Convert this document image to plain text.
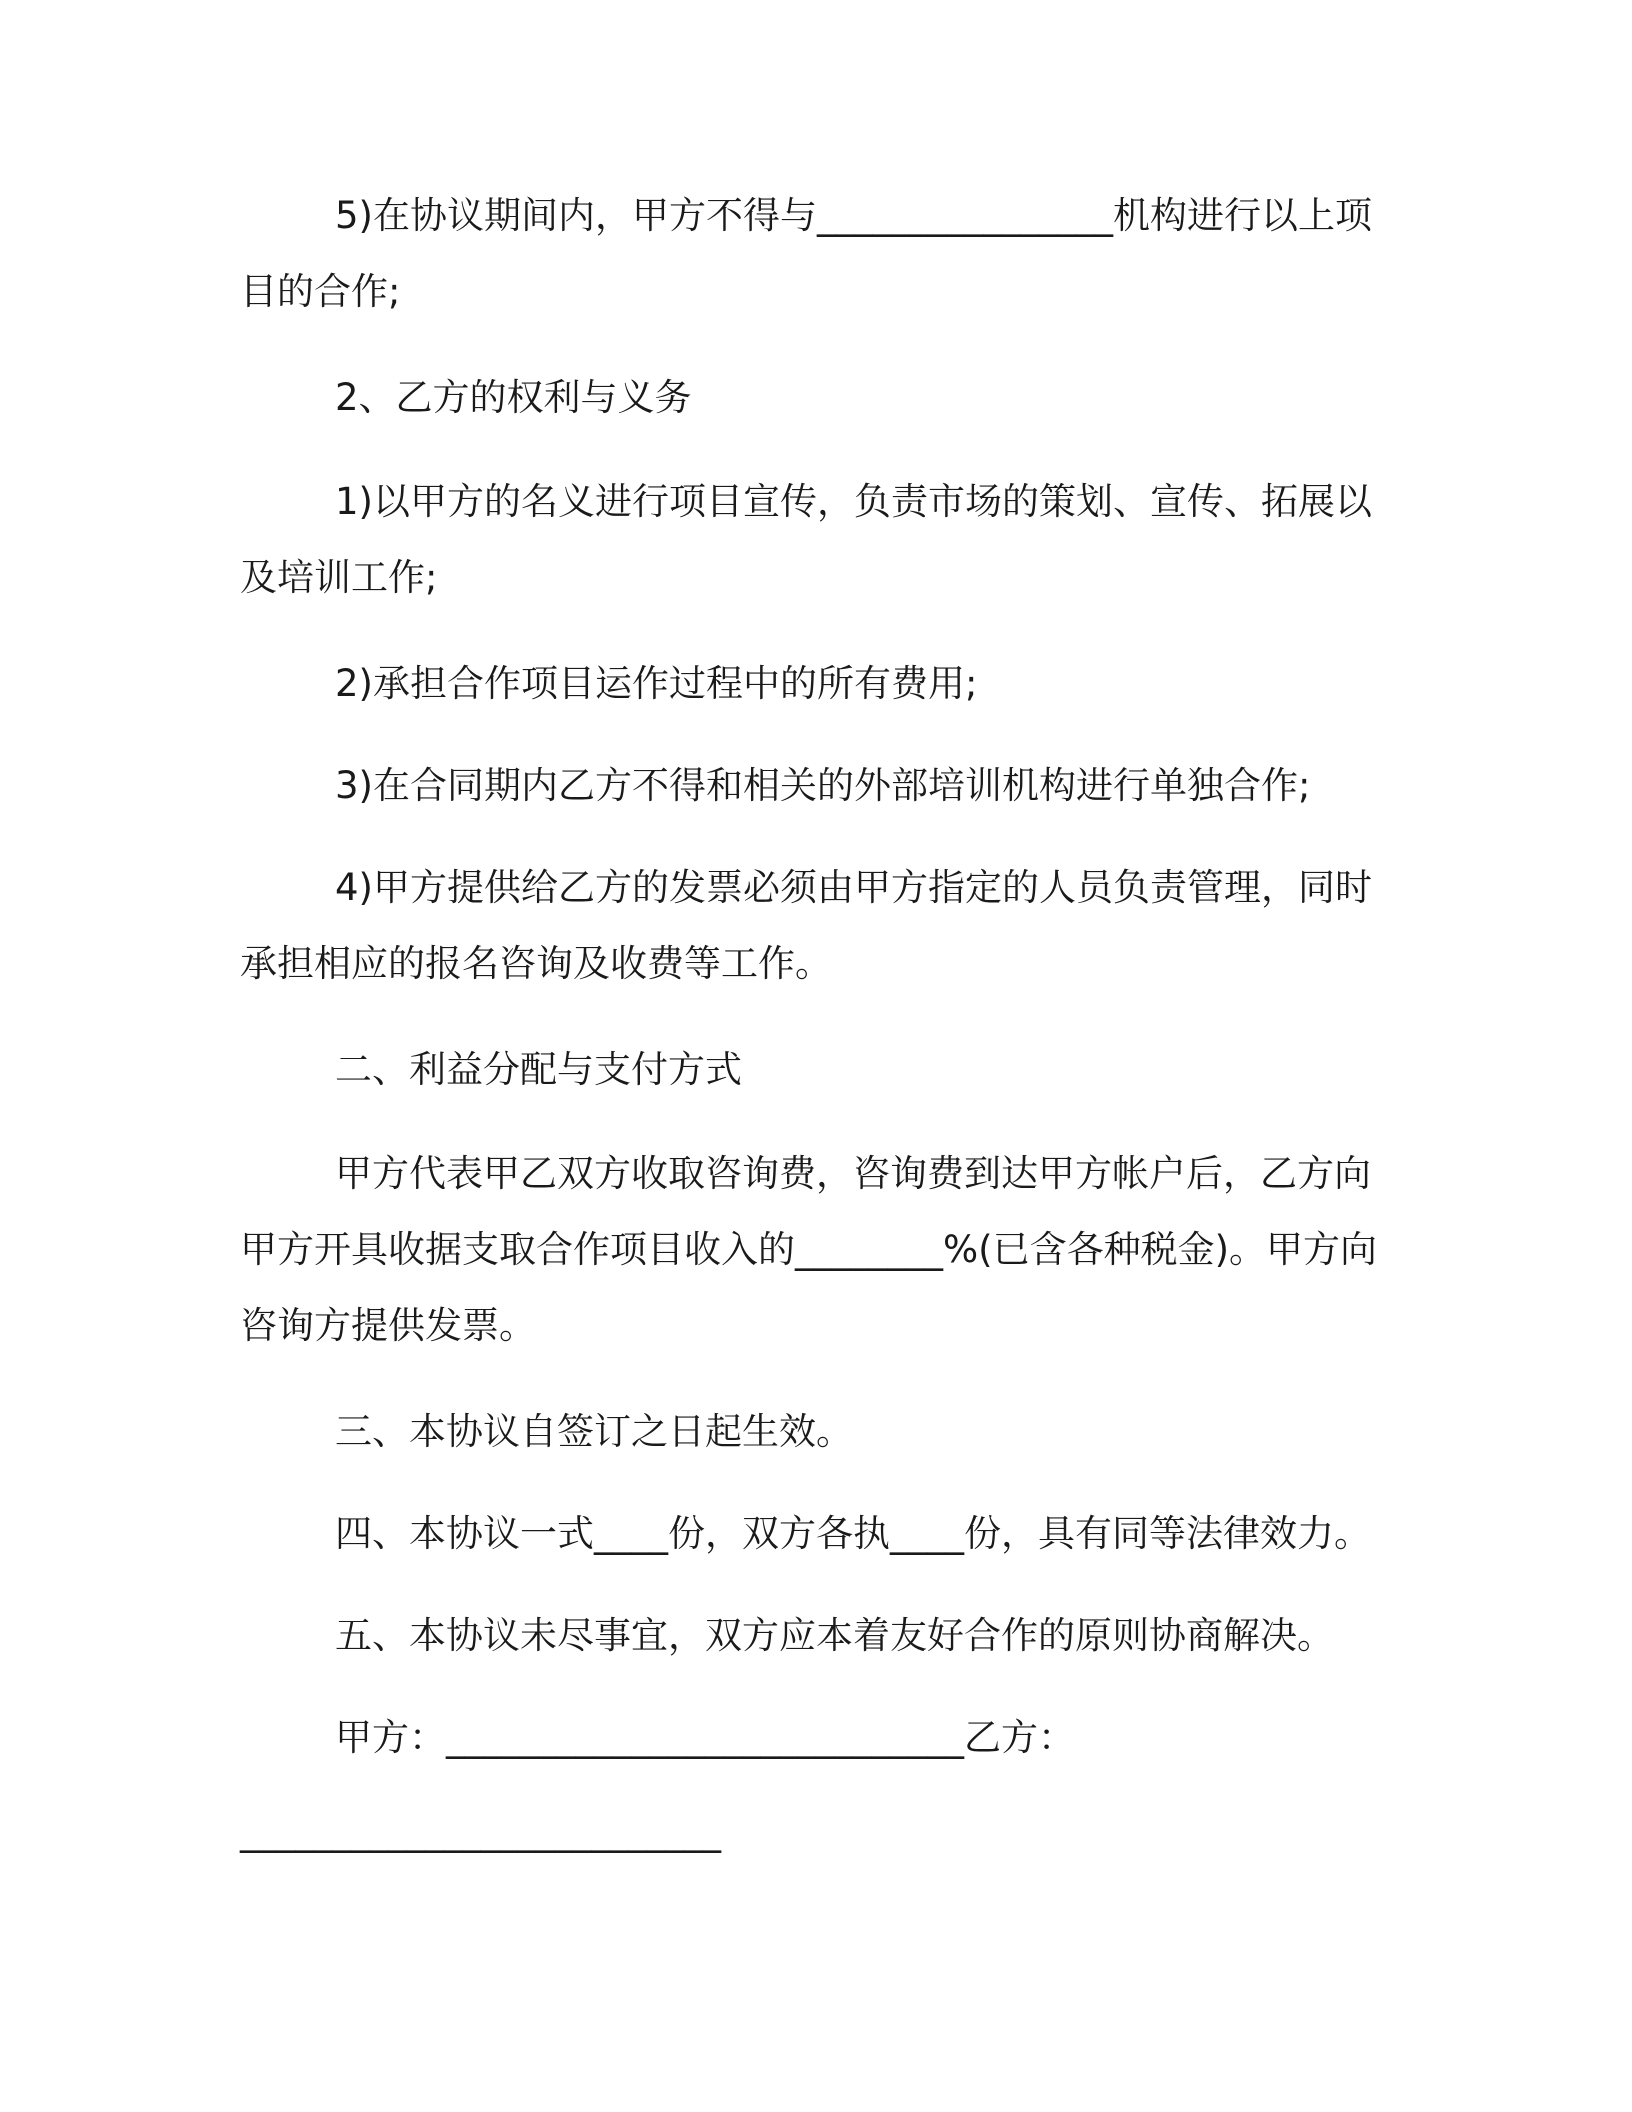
5)在协议期间内，甲方不得与________________机构进行以上项目的合作;
2、乙方的权利与义务
1)以甲方的名义进行项目宣传，负责市场的策划、宣传、拓展以及培训工作;
2)承担合作项目运作过程中的所有费用;
3)在合同期内乙方不得和相关的外部培训机构进行单独合作;
4)甲方提供给乙方的发票必须由甲方指定的人员负责管理，同时承担相应的报名咨询及收费等工作。
二、利益分配与支付方式
甲方代表甲乙双方收取咨询费，咨询费到达甲方帐户后，乙方向甲方开具收据支取合作项目收入的________%(已含各种税金)。甲方向咨询方提供发票。
三、本协议自签订之日起生效。
四、本协议一式____份，双方各执____份，具有同等法律效力。
五、本协议未尽事宜，双方应本着友好合作的原则协商解决。
甲方：____________________________乙方：
__________________________
